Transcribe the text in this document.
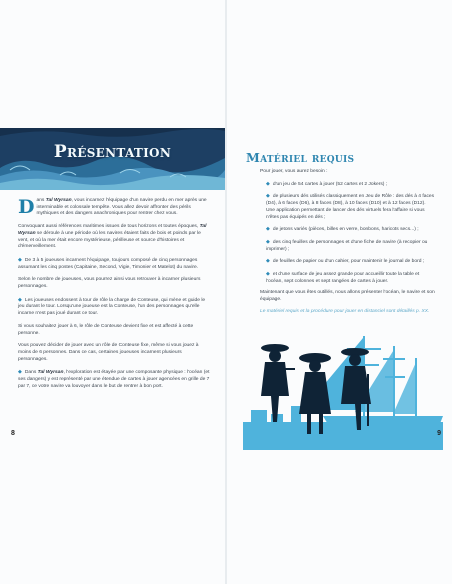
Présentation

Dans Tal Wyrsan, vous incarnez l'équipage d'un navire perdu en mer après une interminable et colossale tempête. Vous allez devoir affronter des périls mythiques et des dangers anachroniques pour rentrer chez vous.

Convoquant aussi références maritimes issues de tous horizons et toutes époques, Tal Wyrsan se déroule à une période où les navires étaient faits de bois et poinds par le vent, et où la mer était encore mystérieuse, périlleuse et source d'histoires et d'émerveillement.

◆ De 3 à 5 joueuses incarnent l'équipage, toujours composé de cinq personnages assumant les cinq postes (Capitaine, Second, Vigie, Timonier et Matelot) du navire.

Selon le nombre de joueuses, vous pourrez ainsi vous retrouver à incarner plusieurs personnages.

◆ Les joueuses endossent à tour de rôle la charge de Conteuse, qui mène et guide le jeu durant le tour. Lorsqu'une joueuse est la Conteuse, l'un des personnages qu'elle incarne n'est pas joué durant ce tour.

Si vous souhaitez jouer à 6, le rôle de Conteuse devient fixe et est affecté à cette personne.

Vous pouvez décider de jouer avec un rôle de Conteuse fixe, même si vous jouez à moins de 6 personnes. Dans ce cas, certaines joueuses incarnent plusieurs personnages.

◆ Dans Tal Wyrsan, l'exploration est étayée par une composante physique : l'océan (et ses dangers) y est représenté par une étendue de cartes à jouer agencées en grille de 7 par 7, ce votre navire va louvoyer dans le but de rentrer à bon port.

8
Matériel requis

Pour jouer, vous aurez besoin :

◆ d'un jeu de 54 cartes à jouer (52 cartes et 2 Jokers) ;

◆ de plusieurs dés utilisés classiquement en Jeu de Rôle : des dés à 4 faces (D4), à 6 faces (D6), à 8 faces (D8), à 10 faces (D10) et à 12 faces (D12). Une application permettant de lancer des dés virtuels fera l'affaire si vous n'êtes pas équipés en dés ;

◆ de jetons variés (pièces, billes en verre, bonbons, haricots secs...) ;

◆ des cinq feuilles de personnages et d'une fiche de navire (à recopier ou imprimer) ;

◆ de feuilles de papier ou d'un cahier, pour maintenir le journal de bord ;

◆ et d'une surface de jeu assez grande pour accueillir toute la table et l'océan, sept colonnes et sept rangées de cartes à jouer.

Maintenant que vous êtes outillés, nous allons présenter l'océan, le navire et son équipage.

Le matériel requis et la procédure pour jouer en distanciel sont détaillés p. XX.

9
